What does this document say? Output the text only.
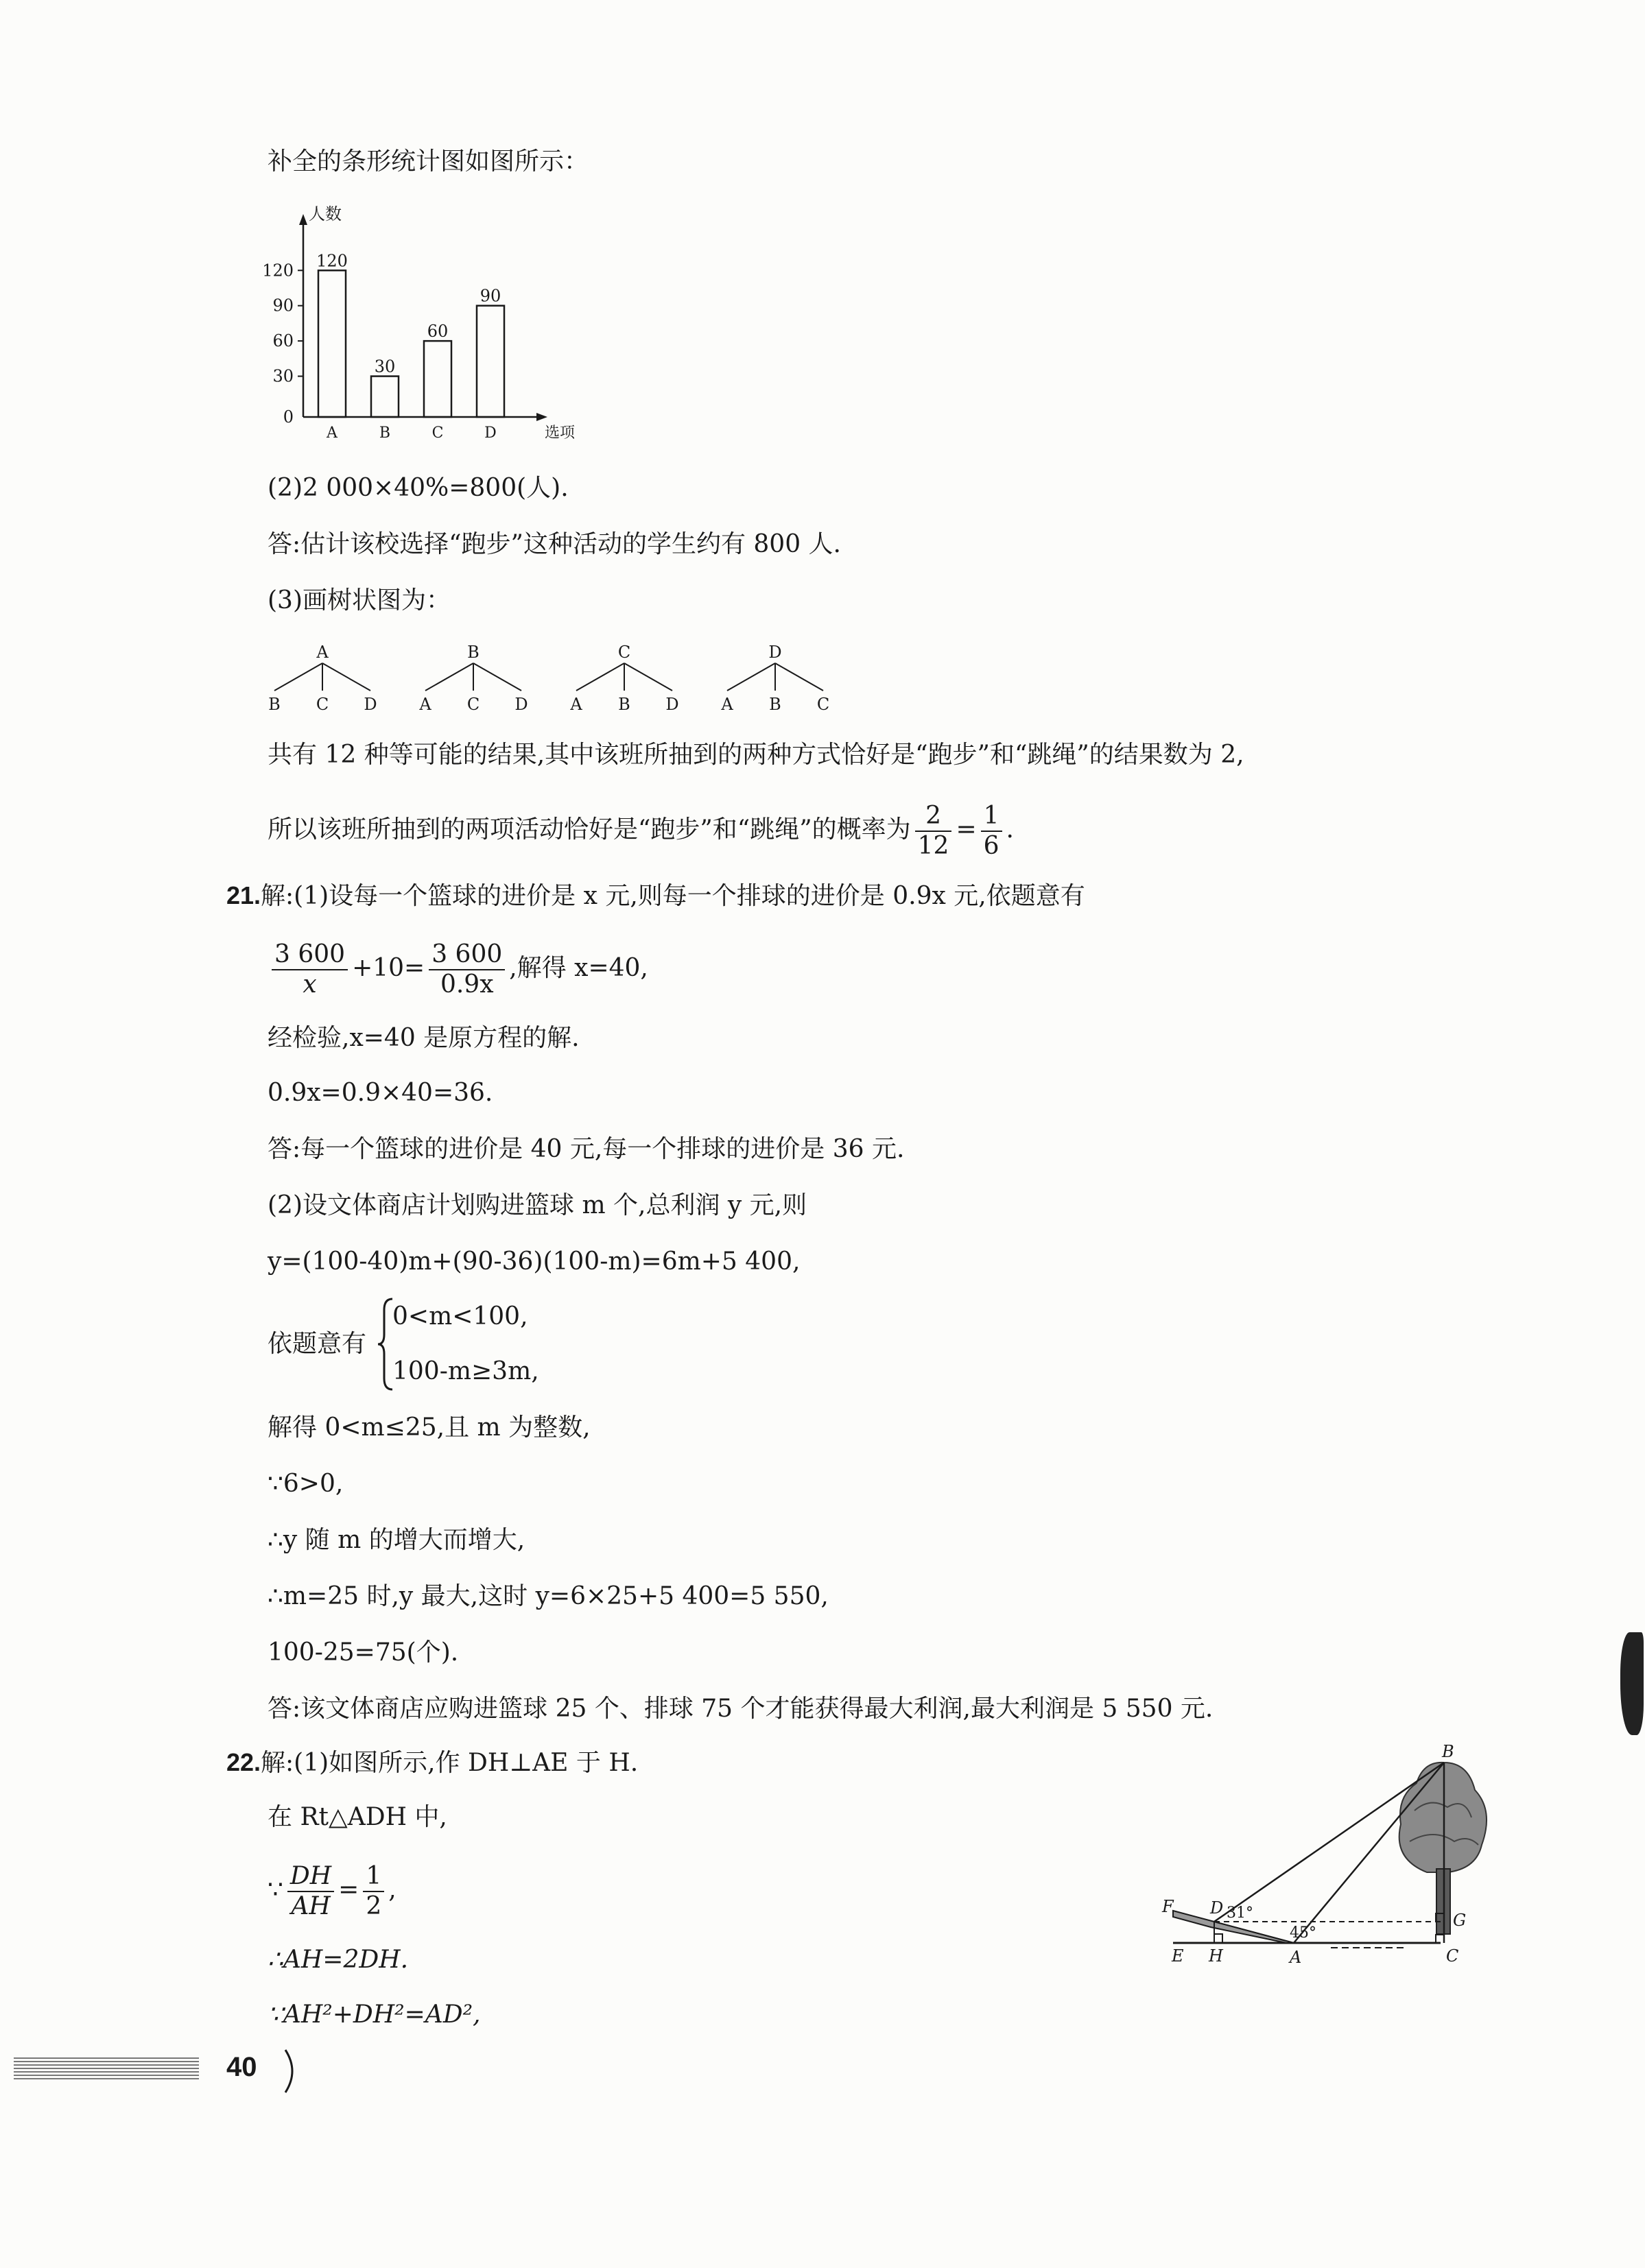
补全的条形统计图如图所示：
人数
选项
0
30
60
90
120 120
A
30
B
60
C
90
D
(2)2 000×40%=800(人).
答:估计该校选择“跑步”这种活动的学生约有 800 人.
(3)画树状图为：
A
B C D
B
A C D
C
A B D
D
A B C
共有 12 种等可能的结果,其中该班所抽到的两种方式恰好是“跑步”和“跳绳”的结果数为 2,
所以该班所抽到的两项活动恰好是“跑步”和“跳绳”的概率为 $\frac{2}{12} = \frac{1}{6}$ .
21.解:(1)设每一个篮球的进价是 x 元,则每一个排球的进价是 0.9x 元,依题意有
$\frac{3 600}{x} +10= \frac{3 600}{0.9x}$ ,解得 x=40,
经检验,x=40 是原方程的解.
0.9x=0.9×40=36.
答:每一个篮球的进价是 40 元,每一个排球的进价是 36 元.
(2)设文体商店计划购进篮球 m 个,总利润 y 元,则
y=(100-40)m+(90-36)(100-m)=6m+5 400,
依题意有
0<m<100,
100-m≥3m,
解得 0<m≤25,且 m 为整数,
∵6>0,
∴y 随 m 的增大而增大,
∴m=25 时,y 最大,这时 y=6×25+5 400=5 550,
100-25=75(个).
答:该文体商店应购进篮球 25 个、排球 75 个才能获得最大利润,最大利润是 5 550 元.
22.解:(1)如图所示,作 DH⊥AE 于 H.
在 Rt△ADH 中,
∵ $\frac{DH}{AH} = \frac{1}{2}$ ,
∴AH=2DH.
∵AH²+DH²=AD²,
B
F D 31°
45°
G
E H	A	C
40
